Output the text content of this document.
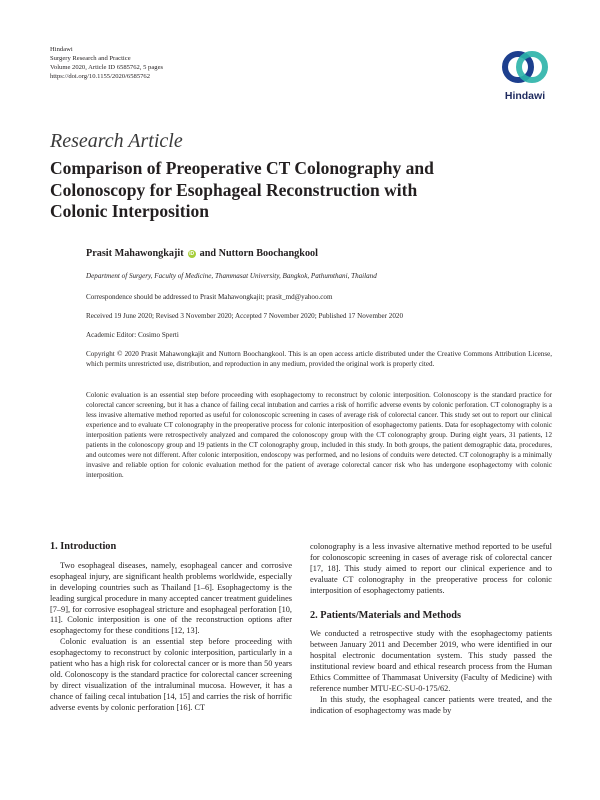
Hindawi
Surgery Research and Practice
Volume 2020, Article ID 6585762, 5 pages
https://doi.org/10.1155/2020/6585762
Hindawi
Research Article
Comparison of Preoperative CT Colonography and Colonoscopy for Esophageal Reconstruction with Colonic Interposition
Prasit Mahawongkajit	iD and Nuttorn Boochangkool
Department of Surgery, Faculty of Medicine, Thammasat University, Bangkok, Pathumthani, Thailand
Correspondence should be addressed to Prasit Mahawongkajit; prasit_md@yahoo.com
Received 19 June 2020; Revised 3 November 2020; Accepted 7 November 2020; Published 17 November 2020
Academic Editor: Cosimo Sperti
Copyright © 2020 Prasit Mahawongkajit and Nuttorn Boochangkool. This is an open access article distributed under the Creative Commons Attribution License, which permits unrestricted use, distribution, and reproduction in any medium, provided the original work is properly cited.
Colonic evaluation is an essential step before proceeding with esophagectomy to reconstruct by colonic interposition. Colonoscopy is the standard practice for colorectal cancer screening, but it has a chance of failing cecal intubation and carries a risk of horrific adverse events by colonic perforation. CT colonography is a less invasive alternative method reported as useful for colonoscopic screening in cases of average risk of colorectal cancer. This study set out to report our clinical experience and to evaluate CT colonography in the preoperative process for colonic interposition of esophagectomy patients. Data for esophagectomy with colonic interposition patients were retrospectively analyzed and compared the colonoscopy group with the CT colonography group. During eight years, 31 patients, 12 patients in the colonoscopy group and 19 patients in the CT colonography group, included in this study. In both groups, the patient demographic data, procedures, and outcomes were not different. After colonic interposition, endoscopy was performed, and no lesions of conduits were detected. CT colonography is a minimally invasive and reliable option for colonic evaluation method for the patient of average colorectal cancer risk who has undergone esophagectomy with colonic interposition.
1. Introduction

Two esophageal diseases, namely, esophageal cancer and corrosive esophageal injury, are significant health problems worldwide, especially in developing countries such as Thailand [1–6]. Esophagectomy is the leading surgical procedure in many accepted cancer treatment guidelines [7–9], for corrosive esophageal stricture and esophageal perforation [10, 11]. Colonic interposition is one of the reconstruction options after esophagectomy for these conditions [12, 13].

Colonic evaluation is an essential step before proceeding with esophagectomy to reconstruct by colonic interposition, particularly in a patient who has a high risk for colorectal cancer or is more than 50 years old. Colonoscopy is the standard practice for colorectal cancer screening by direct visualization of the intraluminal mucosa. However, it has a chance of failing cecal intubation [14, 15] and carries the risk of horrific adverse events by colonic perforation [16]. CT

colonography is a less invasive alternative method reported to be useful for colonoscopic screening in cases of average risk of colorectal cancer [17, 18]. This study aimed to report our clinical experience and to evaluate CT colonography in the preoperative process for colonic interposition of esophagectomy patients.

2. Patients/Materials and Methods

We conducted a retrospective study with the esophagectomy patients between January 2011 and December 2019, who were identified in our hospital electronic documentation system. This study passed the institutional review board and ethical research process from the Human Ethics Committee of Thammasat University (Faculty of Medicine) with reference number MTU-EC-SU-0-175/62.

In this study, the esophageal cancer patients were treated, and the indication of esophagectomy was made by
